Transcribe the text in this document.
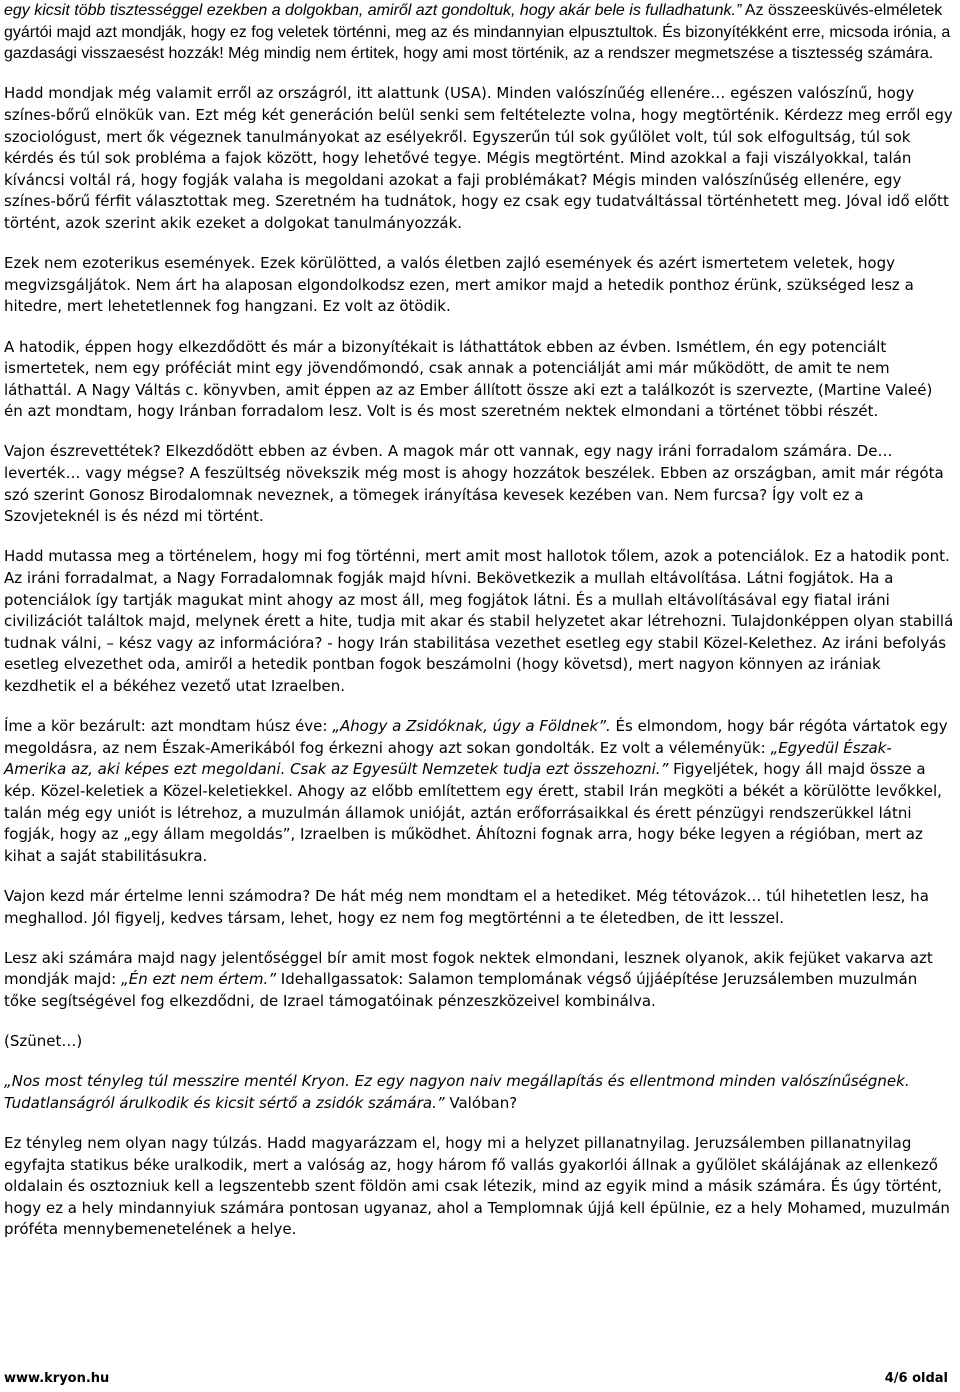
egy kicsit több tisztességgel ezekben a dolgokban, amiről azt gondoltuk, hogy akár bele is fulladhatunk.” Az összeesküvés-elméletek gyártói majd azt mondják, hogy ez fog veletek történni, meg az és mindannyian elpusztultok. És bizonyítékként erre, micsoda irónia, a gazdasági visszaesést hozzák! Még mindig nem értitek, hogy ami most történik, az a rendszer megmetszése a tisztesség számára.

Hadd mondjak még valamit erről az országról, itt alattunk (USA). Minden valószínűég ellenére… egészen valószínű, hogy színes-bőrű elnökük van. Ezt még két generáción belül senki sem feltételezte volna, hogy megtörténik. Kérdezz meg erről egy szociológust, mert ők végeznek tanulmányokat az esélyekről. Egyszerűn túl sok gyűlölet volt, túl sok elfogultság, túl sok kérdés és túl sok probléma a fajok között, hogy lehetővé tegye. Mégis megtörtént. Mind azokkal a faji viszályokkal, talán kíváncsi voltál rá, hogy fogják valaha is megoldani azokat a faji problémákat? Mégis minden valószínűség ellenére, egy színes-bőrű férfit választottak meg. Szeretném ha tudnátok, hogy ez csak egy tudatváltással történhetett meg. Jóval idő előtt történt, azok szerint akik ezeket a dolgokat tanulmányozzák.

Ezek nem ezoterikus események. Ezek körülötted, a valós életben zajló események és azért ismertetem veletek, hogy megvizsgáljátok. Nem árt ha alaposan elgondolkodsz ezen, mert amikor majd a hetedik ponthoz érünk, szükséged lesz a hitedre, mert lehetetlennek fog hangzani. Ez volt az ötödik.

A hatodik, éppen hogy elkezdődött és már a bizonyítékait is láthattátok ebben az évben. Ismétlem, én egy potenciált ismertetek, nem egy próféciát mint egy jövendőmondó, csak annak a potenciálját ami már működött, de amit te nem láthattál. A Nagy Váltás c. könyvben, amit éppen az az Ember állított össze aki ezt a találkozót is szervezte, (Martine Valeé) én azt mondtam, hogy Iránban forradalom lesz. Volt is és most szeretném nektek elmondani a történet többi részét.

Vajon észrevettétek? Elkezdődött ebben az évben. A magok már ott vannak, egy nagy iráni forradalom számára. De… leverték… vagy mégse? A feszültség növekszik még most is ahogy hozzátok beszélek. Ebben az országban, amit már régóta szó szerint Gonosz Birodalomnak neveznek, a tömegek irányítása kevesek kezében van. Nem furcsa? Így volt ez a Szovjeteknél is és nézd mi történt.

Hadd mutassa meg a történelem, hogy mi fog történni, mert amit most hallotok tőlem, azok a potenciálok. Ez a hatodik pont. Az iráni forradalmat, a Nagy Forradalomnak fogják majd hívni. Bekövetkezik a mullah eltávolítása. Látni fogjátok. Ha a potenciálok így tartják magukat mint ahogy az most áll, meg fogjátok látni. És a mullah eltávolításával egy fiatal iráni civilizációt találtok majd, melynek érett a hite, tudja mit akar és stabil helyzetet akar létrehozni. Tulajdonképpen olyan stabillá tudnak válni, – kész vagy az információra? - hogy Irán stabilitása vezethet esetleg egy stabil Közel-Kelethez. Az iráni befolyás esetleg elvezethet oda, amiről a hetedik pontban fogok beszámolni (hogy követsd), mert nagyon könnyen az irániak kezdhetik el a békéhez vezető utat Izraelben.

Íme a kör bezárult: azt mondtam húsz éve: „Ahogy a Zsidóknak, úgy a Földnek”. És elmondom, hogy bár régóta vártatok egy megoldásra, az nem Észak-Amerikából fog érkezni ahogy azt sokan gondolták. Ez volt a véleményük: „Egyedül Észak-Amerika az, aki képes ezt megoldani. Csak az Egyesült Nemzetek tudja ezt összehozni.” Figyeljétek, hogy áll majd össze a kép. Közel-keletiek a Közel-keletiekkel. Ahogy az előbb említettem egy érett, stabil Irán megköti a békét a körülötte levőkkel, talán még egy uniót is létrehoz, a muzulmán államok unióját, aztán erőforrásaikkal és érett pénzügyi rendszerükkel látni fogják, hogy az „egy állam megoldás”, Izraelben is működhet. Áhítozni fognak arra, hogy béke legyen a régióban, mert az kihat a saját stabilitásukra.

Vajon kezd már értelme lenni számodra? De hát még nem mondtam el a hetediket. Még tétovázok… túl hihetetlen lesz, ha meghallod. Jól figyelj, kedves társam, lehet, hogy ez nem fog megtörténni a te életedben, de itt lesszel.

Lesz aki számára majd nagy jelentőséggel bír amit most fogok nektek elmondani, lesznek olyanok, akik fejüket vakarva azt mondják majd: „Én ezt nem értem.” Idehallgassatok: Salamon templomának végső újjáépítése Jeruzsálemben muzulmán tőke segítségével fog elkezdődni, de Izrael támogatóinak pénzeszközeivel kombinálva.

(Szünet…)

„Nos most tényleg túl messzire mentél Kryon. Ez egy nagyon naiv megállapítás és ellentmond minden valószínűségnek. Tudatlanságról árulkodik és kicsit sértő a zsidók számára.” Valóban?

Ez tényleg nem olyan nagy túlzás. Hadd magyarázzam el, hogy mi a helyzet pillanatnyilag. Jeruzsálemben pillanatnyilag egyfajta statikus béke uralkodik, mert a valóság az, hogy három fő vallás gyakorlói állnak a gyűlölet skálájának az ellenkező oldalain és osztozniuk kell a legszentebb szent földön ami csak létezik, mind az egyik mind a másik számára. És úgy történt, hogy ez a hely mindannyiuk számára pontosan ugyanaz, ahol a Templomnak újjá kell épülnie, ez a hely Mohamed, muzulmán próféta mennybemenetelének a helye.

www.kryon.hu	4/6 oldal
